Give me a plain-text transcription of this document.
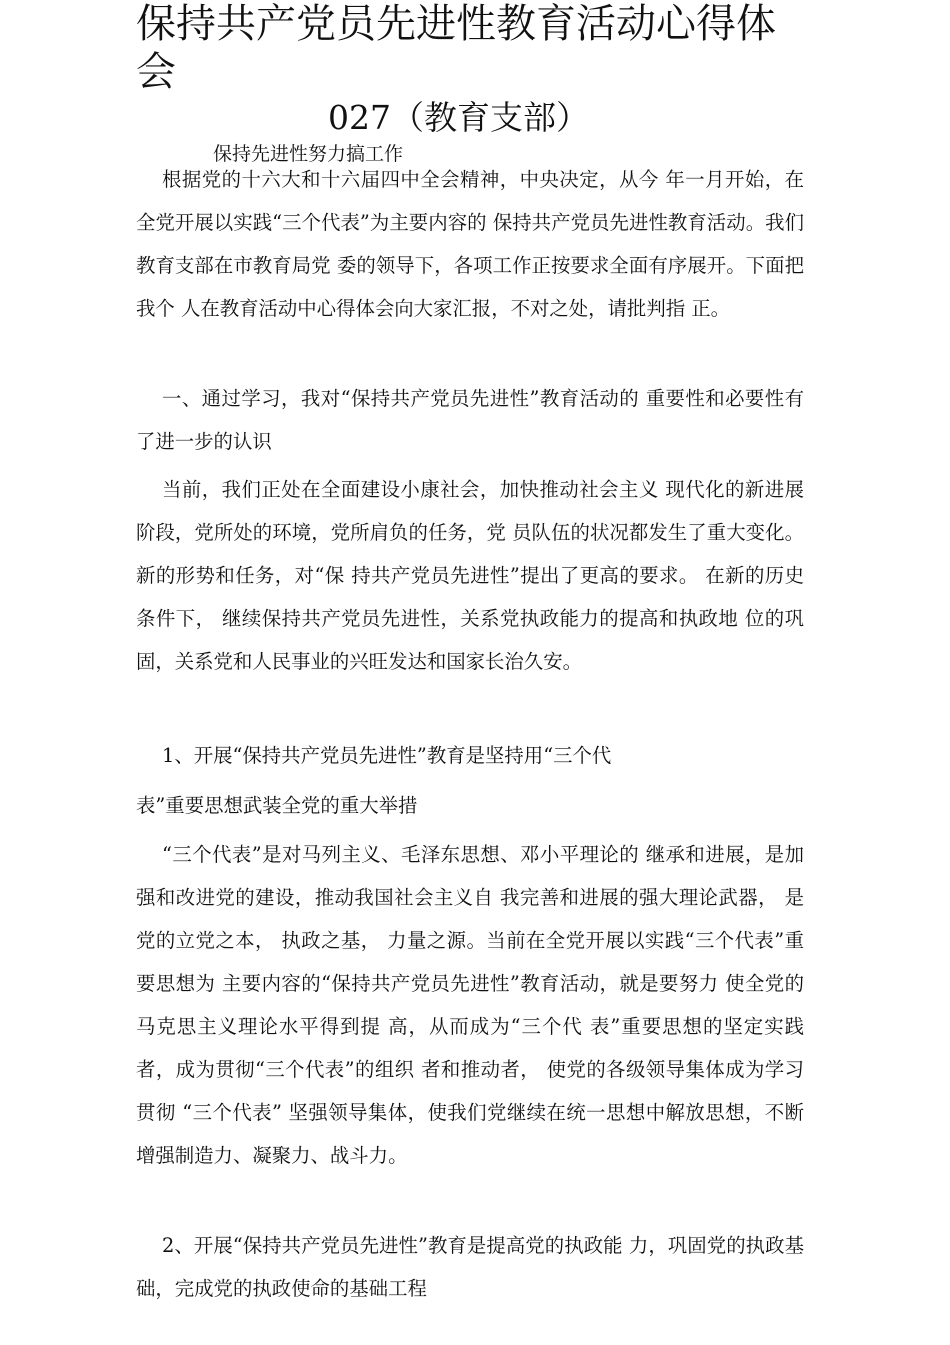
保持共产党员先进性教育活动心得体会
027（教育支部）
保持先进性努力搞工作

根据党的十六大和十六届四中全会精神，中央决定，从今 年一月开始，在全党开展以实践“三个代表”为主要内容的 保持共产党员先进性教育活动。我们教育支部在市教育局党 委的领导下，各项工作正按要求全面有序展开。下面把我个 人在教育活动中心得体会向大家汇报，不对之处，请批判指 正。

一、通过学习，我对“保持共产党员先进性”教育活动的 重要性和必要性有了进一步的认识

当前，我们正处在全面建设小康社会，加快推动社会主义 现代化的新进展阶段，党所处的环境，党所肩负的任务，党 员队伍的状况都发生了重大变化。新的形势和任务，对“保 持共产党员先进性”提出了更高的要求。 在新的历史条件下， 继续保持共产党员先进性，关系党执政能力的提高和执政地 位的巩固，关系党和人民事业的兴旺发达和国家长治久安。

1、开展“保持共产党员先进性”教育是坚持用“三个代

表”重要思想武装全党的重大举措

“三个代表”是对马列主义、毛泽东思想、邓小平理论的 继承和进展，是加强和改进党的建设，推动我国社会主义自 我完善和进展的强大理论武器， 是党的立党之本， 执政之基， 力量之源。当前在全党开展以实践“三个代表”重要思想为 主要内容的“保持共产党员先进性”教育活动，就是要努力 使全党的马克思主义理论水平得到提 高，从而成为“三个代 表”重要思想的坚定实践者，成为贯彻“三个代表”的组织 者和推动者， 使党的各级领导集体成为学习贯彻 “三个代表” 坚强领导集体，使我们党继续在统一思想中解放思想，不断增强制造力、凝聚力、战斗力。

2、开展“保持共产党员先进性”教育是提高党的执政能 力，巩固党的执政基础，完成党的执政使命的基础工程
